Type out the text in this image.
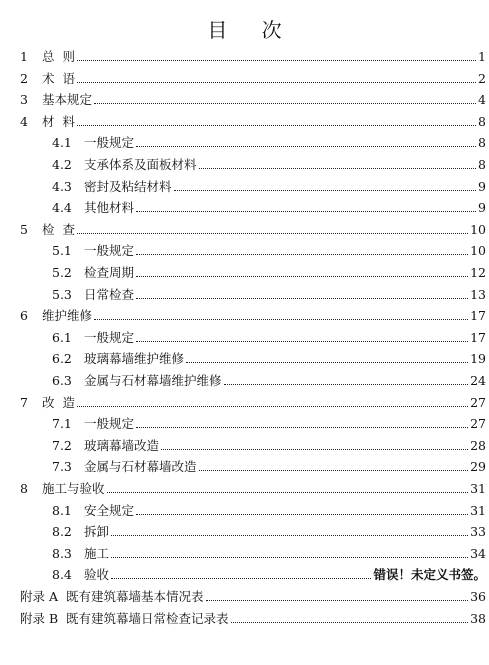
目 次
1	总  则	1
2	术  语	2
3	基本规定	4
4	材  料	8
4.1 一般规定	8
4.2 支承体系及面板材料	8
4.3 密封及粘结材料	9
4.4 其他材料	9
5	检  查	10
5.1 一般规定	10
5.2 检查周期	12
5.3 日常检查	13
6	维护维修	17
6.1 一般规定	17
6.2 玻璃幕墙维护维修	19
6.3 金属与石材幕墙维护维修	24
7	改  造	27
7.1 一般规定	27
7.2 玻璃幕墙改造	28
7.3 金属与石材幕墙改造	29
8	施工与验收	31
8.1 安全规定	31
8.2 拆卸	33
8.3 施工	34
8.4 验收	错误！未定义书签。
附录 A 既有建筑幕墙基本情况表	36
附录 B 既有建筑幕墙日常检查记录表	38
